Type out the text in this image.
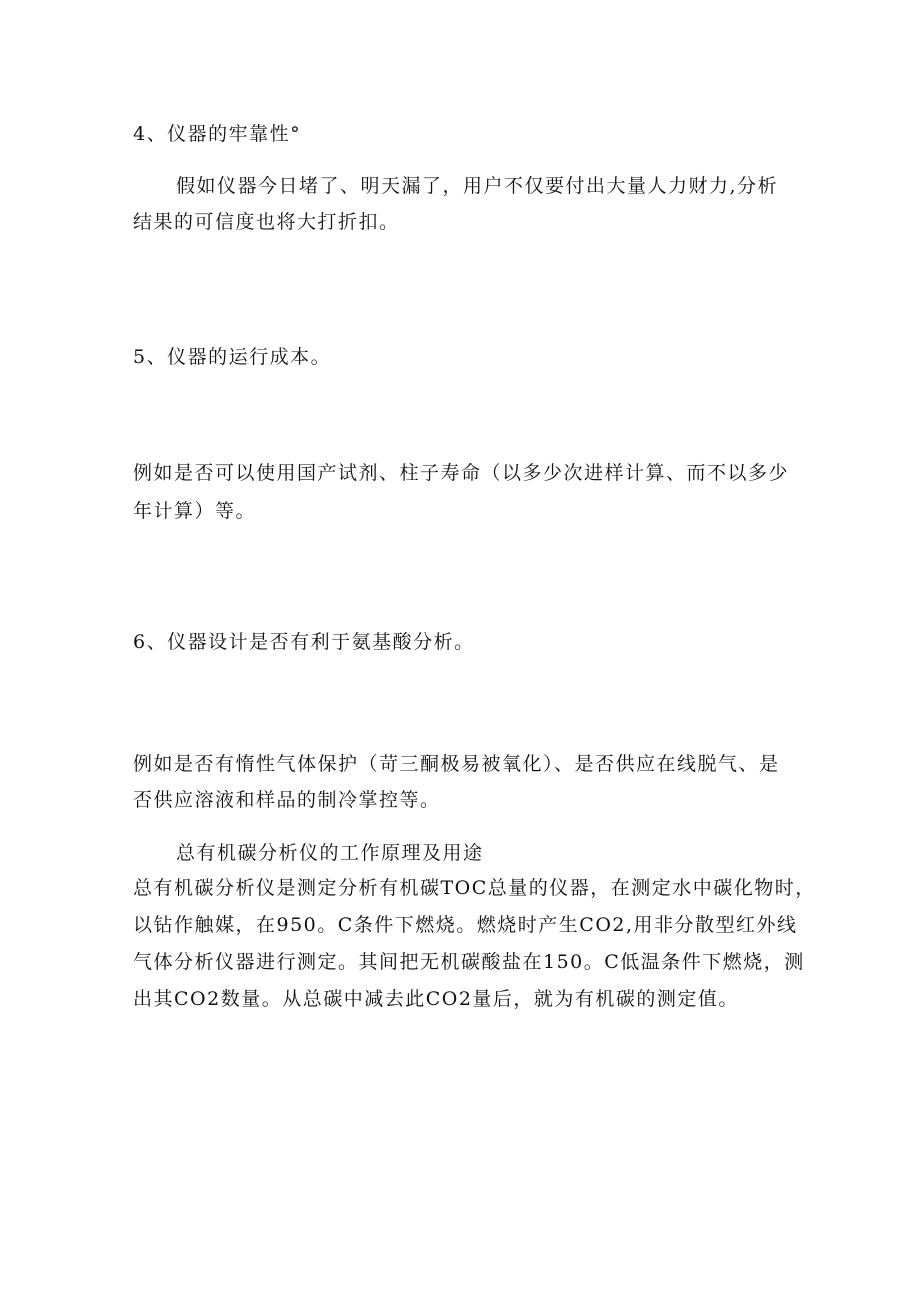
4、仪器的牢靠性°
假如仪器今日堵了、明天漏了，用户不仅要付出大量人力财力,分析
结果的可信度也将大打折扣。
5、仪器的运行成本。
例如是否可以使用国产试剂、柱子寿命（以多少次进样计算、而不以多少
年计算）等。
6、仪器设计是否有利于氨基酸分析。
例如是否有惰性气体保护（苛三酮极易被氧化）、是否供应在线脱气、是
否供应溶液和样品的制冷掌控等。
总有机碳分析仪的工作原理及用途
总有机碳分析仪是测定分析有机碳TOC总量的仪器，在测定水中碳化物时，
以钻作触媒，在950。C条件下燃烧。燃烧时产生CO2,用非分散型红外线
气体分析仪器进行测定。其间把无机碳酸盐在150。C低温条件下燃烧，测
出其CO2数量。从总碳中减去此CO2量后，就为有机碳的测定值。
